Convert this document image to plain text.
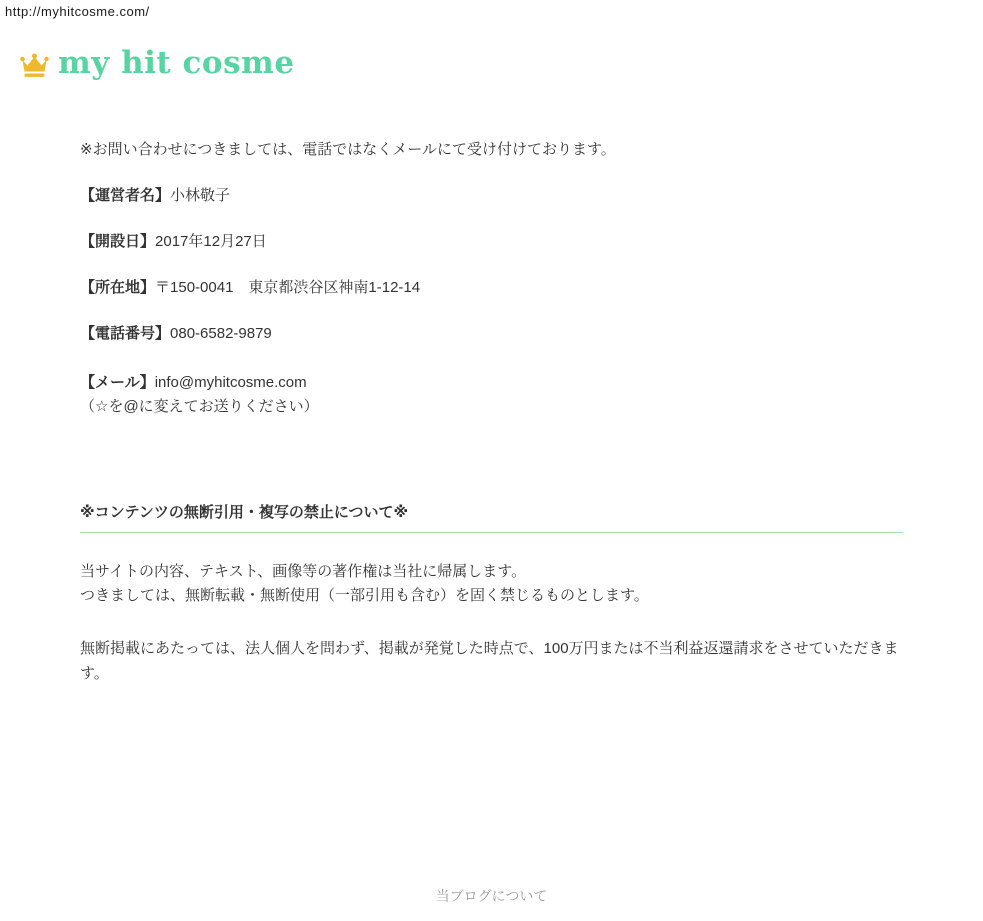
http://myhitcosme.com/
my hit cosme

※お問い合わせにつきましては、電話ではなくメールにて受け付けております。

【運営者名】小林敬子

【開設日】2017年12月27日

【所在地】〒150-0041　東京都渋谷区神南1-12-14

【電話番号】080-6582-9879

【メール】info@myhitcosme.com
（☆を@に変えてお送りください）
※コンテンツの無断引用・複写の禁止について※

当サイトの内容、テキスト、画像等の著作権は当社に帰属します。
つきましては、無断転載・無断使用（一部引用も含む）を固く禁じるものとします。

無断掲載にあたっては、法人個人を問わず、掲載が発覚した時点で、100万円または不当利益返還請求をさせていただきます。

当ブログについて
